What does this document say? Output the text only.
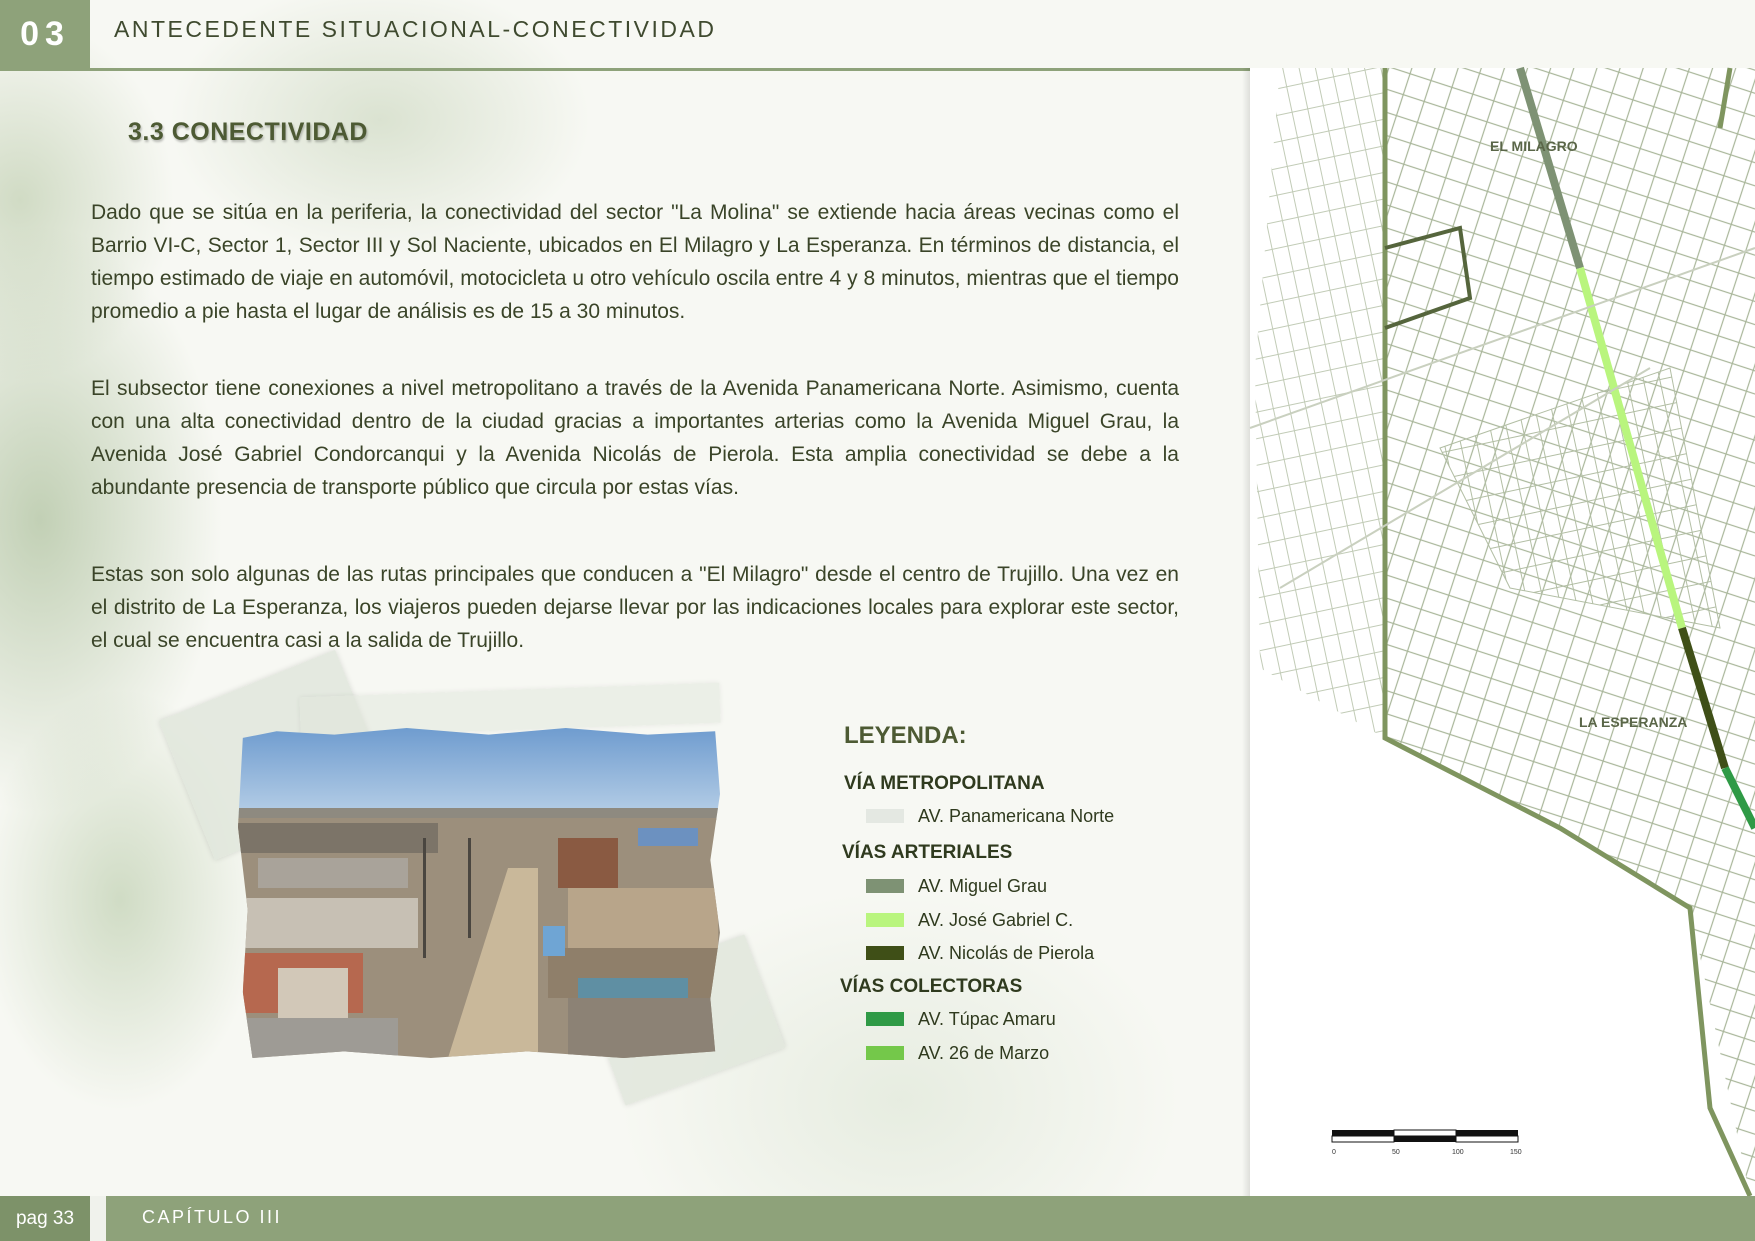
03	ANTECEDENTE SITUACIONAL-CONECTIVIDAD
3.3 CONECTIVIDAD

Dado que se sitúa en la periferia, la conectividad del sector "La Molina" se extiende hacia áreas vecinas como el Barrio VI-C, Sector 1, Sector III y Sol Naciente, ubicados en El Milagro y La Esperanza. En términos de distancia, el tiempo estimado de viaje en automóvil, motocicleta u otro vehículo oscila entre 4 y 8 minutos, mientras que el tiempo promedio a pie hasta el lugar de análisis es de 15 a 30 minutos.

El subsector tiene conexiones a nivel metropolitano a través de la Avenida Panamericana Norte. Asimismo, cuenta con una alta conectividad dentro de la ciudad gracias a importantes arterias como la Avenida Miguel Grau, la Avenida José Gabriel Condorcanqui y la Avenida Nicolás de Pierola. Esta amplia conectividad se debe a la abundante presencia de transporte público que circula por estas vías.

Estas son solo algunas de las rutas principales que conducen a "El Milagro" desde el centro de Trujillo. Una vez en el distrito de La Esperanza, los viajeros pueden dejarse llevar por las indicaciones locales para explorar este sector, el cual se encuentra casi a la salida de Trujillo.

LEYENDA:
VÍA METROPOLITANA
AV. Panamericana Norte
VÍAS ARTERIALES
AV. Miguel Grau
AV. José Gabriel C.
AV. Nicolás de Pierola
VÍAS COLECTORAS
AV. Túpac Amaru
AV. 26 de Marzo
EL MILAGRO
LA ESPERANZA
0	50	100	150
pag 33	CAPÍTULO III
